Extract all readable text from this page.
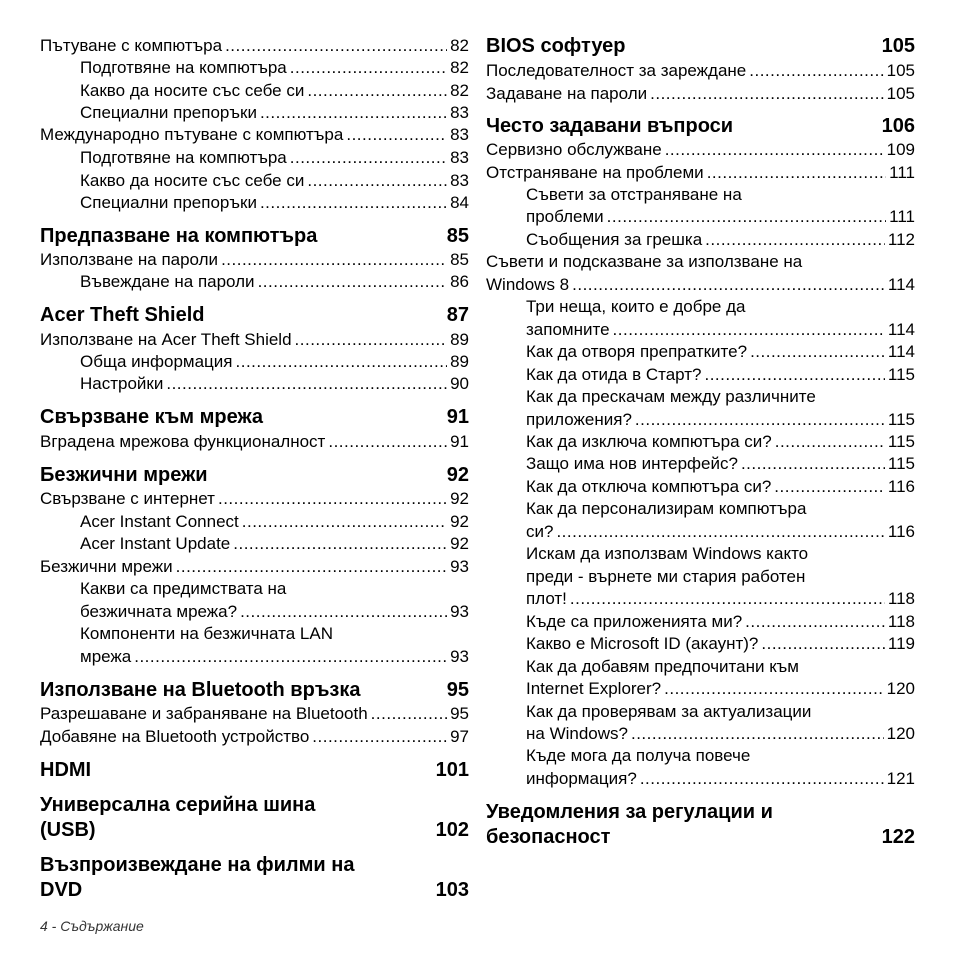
Пътуване с компютъра .....	82
Подготвяне на компютъра .....	82
Какво да носите със себе си .....	82
Специални препоръки .....	83
Международно пътуване с компютъра .....	83
Подготвяне на компютъра .....	83
Какво да носите със себе си .....	83
Специални препоръки .....	84
Предпазване на компютъра	85
Използване на пароли .....	85
Въвеждане на пароли .....	86
Acer Theft Shield	87
Използване на Acer Theft Shield .....	89
Обща информация .....	89
Настройки .....	90
Свързване към мрежа	91
Вградена мрежова функционалност .....	91
Безжични мрежи	92
Свързване с интернет .....	92
Acer Instant Connect .....	92
Acer Instant Update .....	92
Безжични мрежи .....	93
Какви са предимствата на
безжичната мрежа? .....	93
Компоненти на безжичната LAN
мрежа .....	93
Използване на Bluetooth връзка	95
Разрешаване и забраняване на Bluetooth .....	95
Добавяне на Bluetooth устройство .....	97
HDMI	101
Универсална серийна шина
(USB)	102
Възпроизвеждане на филми на
DVD	103
BIOS софтуер	105
Последователност за зареждане .....	105
Задаване на пароли .....	105
Често задавани въпроси	106
Сервизно обслужване .....	109
Отстраняване на проблеми .....	111
Съвети за отстраняване на
проблеми .....	111
Съобщения за грешка .....	112
Съвети и подсказване за използване на
Windows 8 .....	114
Три неща, които е добре да
запомните .....	114
Как да отворя препратките? .....	114
Как да отида в Старт? .....	115
Как да прескачам между различните
приложения? .....	115
Как да изключа компютъра си? .....	115
Защо има нов интерфейс? .....	115
Как да отключа компютъра си? .....	116
Как да персонализирам компютъра
си? .....	116
Искам да използвам Windows както
преди - върнете ми стария работен
плот! .....	118
Къде са приложенията ми? .....	118
Какво е Microsoft ID (акаунт)? .....	119
Как да добавям предпочитани към
Internet Explorer? .....	120
Как да проверявам за актуализации
на Windows? .....	120
Къде мога да получа повече
информация? .....	121
Уведомления за регулации и
безопасност	122
4 - Съдържание
